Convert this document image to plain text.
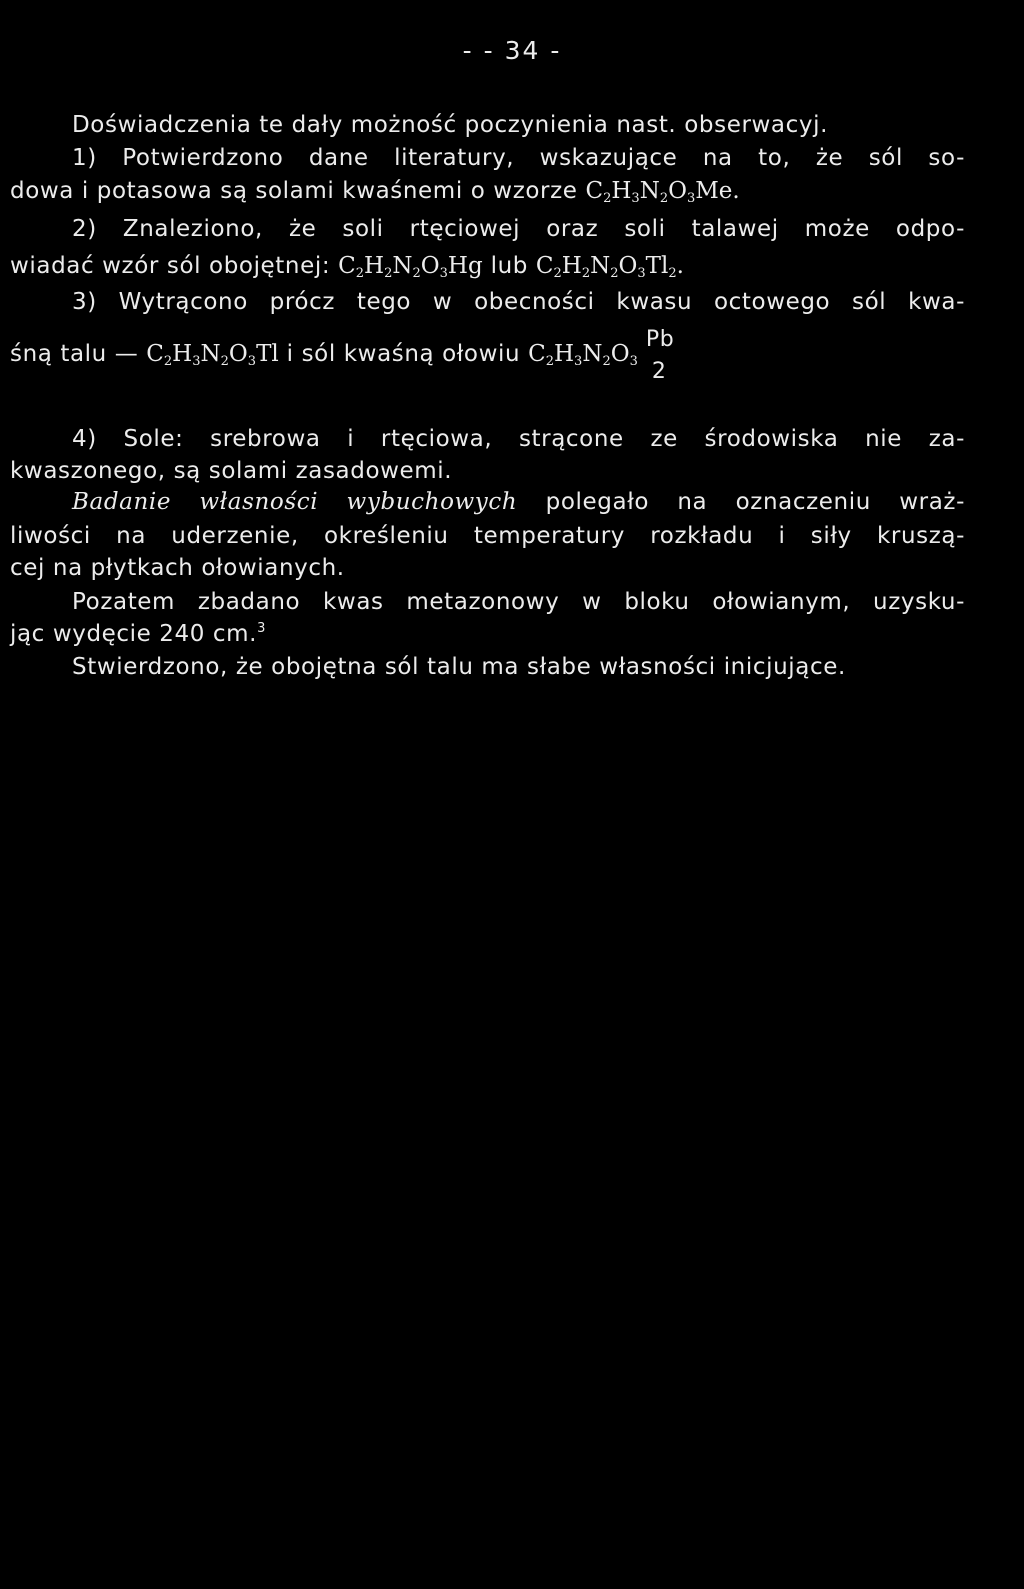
- - 34 -
Doświadczenia te dały możność poczynienia nast. obserwacyj.
1) Potwierdzono dane literatury, wskazujące na to, że sól so-
dowa i potasowa są solami kwaśnemi o wzorze $C_2H_3N_2O_3Me$.
2) Znaleziono, że soli rtęciowej oraz soli talawej może odpo-
wiadać wzór sól obojętnej: $C_2H_2N_2O_3Hg$ lub $C_2H_2N_2O_3Tl_2$.
3) Wytrącono prócz tego w obecności kwasu octowego sól kwa-
śną talu — $C_2H_3N_2O_3Tl$ i sól kwaśną ołowiu $C_2H_3N_2O_3$
Pb
2
4) Sole: srebrowa i rtęciowa, strącone ze środowiska nie za-
kwaszonego, są solami zasadowemi.
Badanie własności wybuchowych polegało na oznaczeniu wraż-
liwości na uderzenie, określeniu temperatury rozkładu i siły kruszą-
cej na płytkach ołowianych.
Pozatem zbadano kwas metazonowy w bloku ołowianym, uzysku-
jąc wydęcie 240 cm.$^3$
Stwierdzono, że obojętna sól talu ma słabe własności inicjujące.
